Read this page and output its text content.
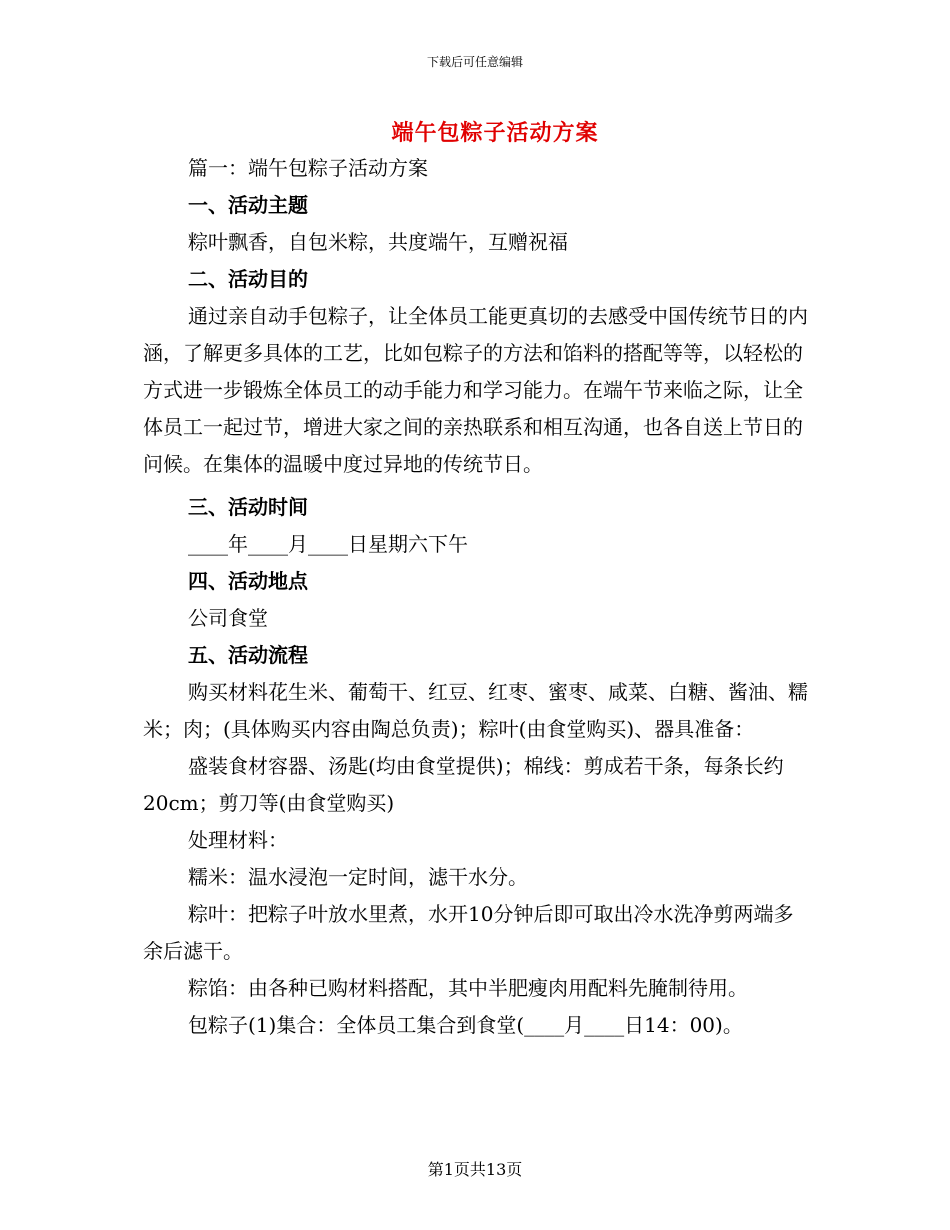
下载后可任意编辑
端午包粽子活动方案

篇一：端午包粽子活动方案

一、活动主题

粽叶飘香，自包米粽，共度端午，互赠祝福

二、活动目的

通过亲自动手包粽子，让全体员工能更真切的去感受中国传统节日的内涵，了解更多具体的工艺，比如包粽子的方法和馅料的搭配等等，以轻松的方式进一步锻炼全体员工的动手能力和学习能力。在端午节来临之际，让全体员工一起过节，增进大家之间的亲热联系和相互沟通，也各自送上节日的问候。在集体的温暖中度过异地的传统节日。

三、活动时间

____年____月____日星期六下午

四、活动地点

公司食堂

五、活动流程

购买材料花生米、葡萄干、红豆、红枣、蜜枣、咸菜、白糖、酱油、糯米；肉；(具体购买内容由陶总负责)；粽叶(由食堂购买)、器具准备：

盛装食材容器、汤匙(均由食堂提供)；棉线：剪成若干条，每条长约20cm；剪刀等(由食堂购买)

处理材料：

糯米：温水浸泡一定时间，滤干水分。

粽叶：把粽子叶放水里煮，水开10分钟后即可取出冷水洗净剪两端多余后滤干。

粽馅：由各种已购材料搭配，其中半肥瘦肉用配料先腌制待用。

包粽子(1)集合：全体员工集合到食堂(____月____日14：00)。

第1页共13页
